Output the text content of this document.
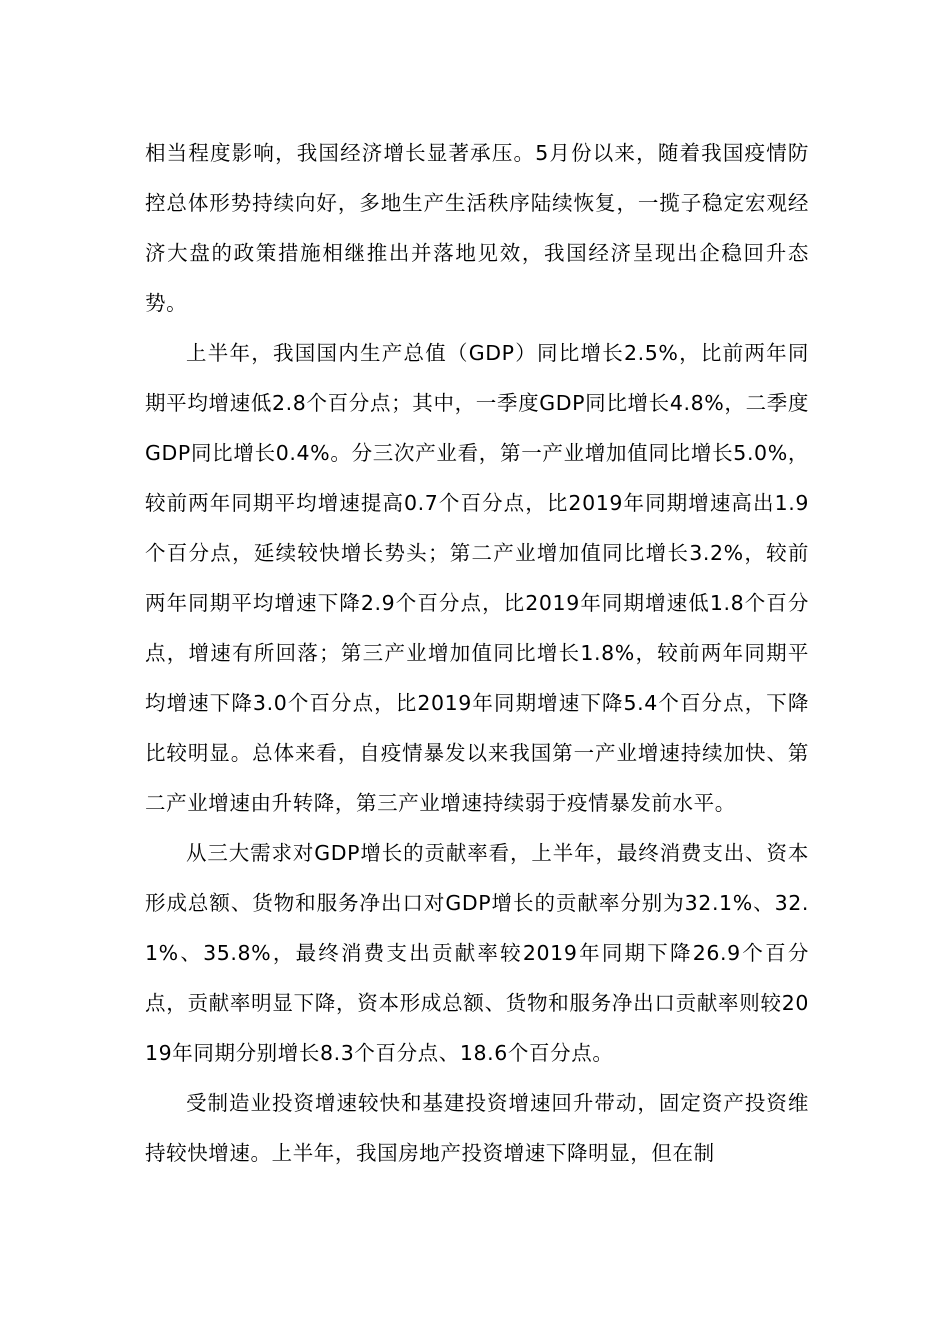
相当程度影响，我国经济增长显著承压。5月份以来，随着我国疫情防控总体形势持续向好，多地生产生活秩序陆续恢复，一揽子稳定宏观经济大盘的政策措施相继推出并落地见效，我国经济呈现出企稳回升态势。

上半年，我国国内生产总值（GDP）同比增长2.5%，比前两年同期平均增速低2.8个百分点；其中，一季度GDP同比增长4.8%，二季度GDP同比增长0.4%。分三次产业看，第一产业增加值同比增长5.0%，较前两年同期平均增速提高0.7个百分点，比2019年同期增速高出1.9个百分点，延续较快增长势头；第二产业增加值同比增长3.2%，较前两年同期平均增速下降2.9个百分点，比2019年同期增速低1.8个百分点，增速有所回落；第三产业增加值同比增长1.8%，较前两年同期平均增速下降3.0个百分点，比2019年同期增速下降5.4个百分点，下降比较明显。总体来看，自疫情暴发以来我国第一产业增速持续加快、第二产业增速由升转降，第三产业增速持续弱于疫情暴发前水平。

从三大需求对GDP增长的贡献率看，上半年，最终消费支出、资本形成总额、货物和服务净出口对GDP增长的贡献率分别为32.1%、32.1%、35.8%，最终消费支出贡献率较2019年同期下降26.9个百分点，贡献率明显下降，资本形成总额、货物和服务净出口贡献率则较2019年同期分别增长8.3个百分点、18.6个百分点。

受制造业投资增速较快和基建投资增速回升带动，固定资产投资维持较快增速。上半年，我国房地产投资增速下降明显，但在制
